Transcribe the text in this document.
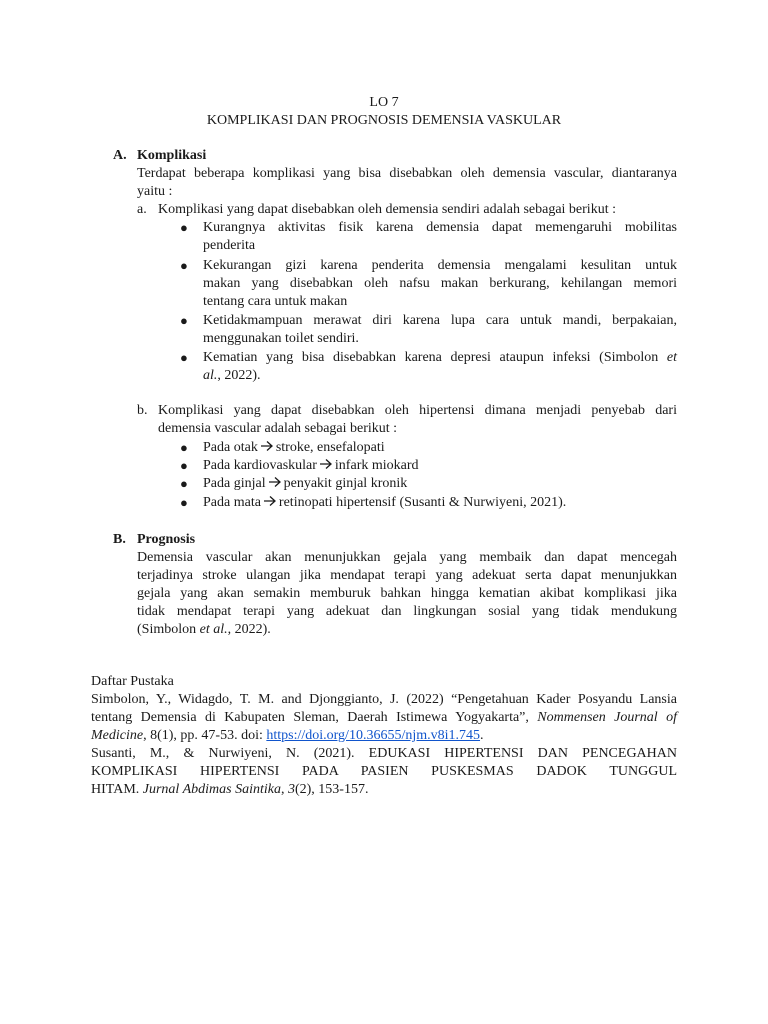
LO 7
KOMPLIKASI DAN PROGNOSIS DEMENSIA VASKULAR
A. Komplikasi
Terdapat beberapa komplikasi yang bisa disebabkan oleh demensia vascular, diantaranya
yaitu :
a. Komplikasi yang dapat disebabkan oleh demensia sendiri adalah sebagai berikut :
● Kurangnya aktivitas fisik karena demensia dapat memengaruhi mobilitas
penderita
● Kekurangan gizi karena penderita demensia mengalami kesulitan untuk
makan yang disebabkan oleh nafsu makan berkurang, kehilangan memori
tentang cara untuk makan
● Ketidakmampuan merawat diri karena lupa cara untuk mandi, berpakaian,
menggunakan toilet sendiri.
● Kematian yang bisa disebabkan karena depresi ataupun infeksi (Simbolon et
al., 2022).
b. Komplikasi yang dapat disebabkan oleh hipertensi dimana menjadi penyebab dari
demensia vascular adalah sebagai berikut :
● Pada otak stroke, ensefalopati
● Pada kardiovaskular infark miokard
● Pada ginjal penyakit ginjal kronik
● Pada mata retinopati hipertensif (Susanti & Nurwiyeni, 2021).
B. Prognosis
Demensia vascular akan menunjukkan gejala yang membaik dan dapat mencegah
terjadinya stroke ulangan jika mendapat terapi yang adekuat serta dapat menunjukkan
gejala yang akan semakin memburuk bahkan hingga kematian akibat komplikasi jika
tidak mendapat terapi yang adekuat dan lingkungan sosial yang tidak mendukung
(Simbolon et al., 2022).
Daftar Pustaka
Simbolon, Y., Widagdo, T. M. and Djonggianto, J. (2022) “Pengetahuan Kader Posyandu Lansia
tentang Demensia di Kabupaten Sleman, Daerah Istimewa Yogyakarta”, Nommensen Journal of
Medicine, 8(1), pp. 47-53. doi: https://doi.org/10.36655/njm.v8i1.745.
Susanti, M., & Nurwiyeni, N. (2021). EDUKASI HIPERTENSI DAN PENCEGAHAN
KOMPLIKASI HIPERTENSI PADA PASIEN PUSKESMAS DADOK TUNGGUL
HITAM. Jurnal Abdimas Saintika, 3(2), 153-157.
